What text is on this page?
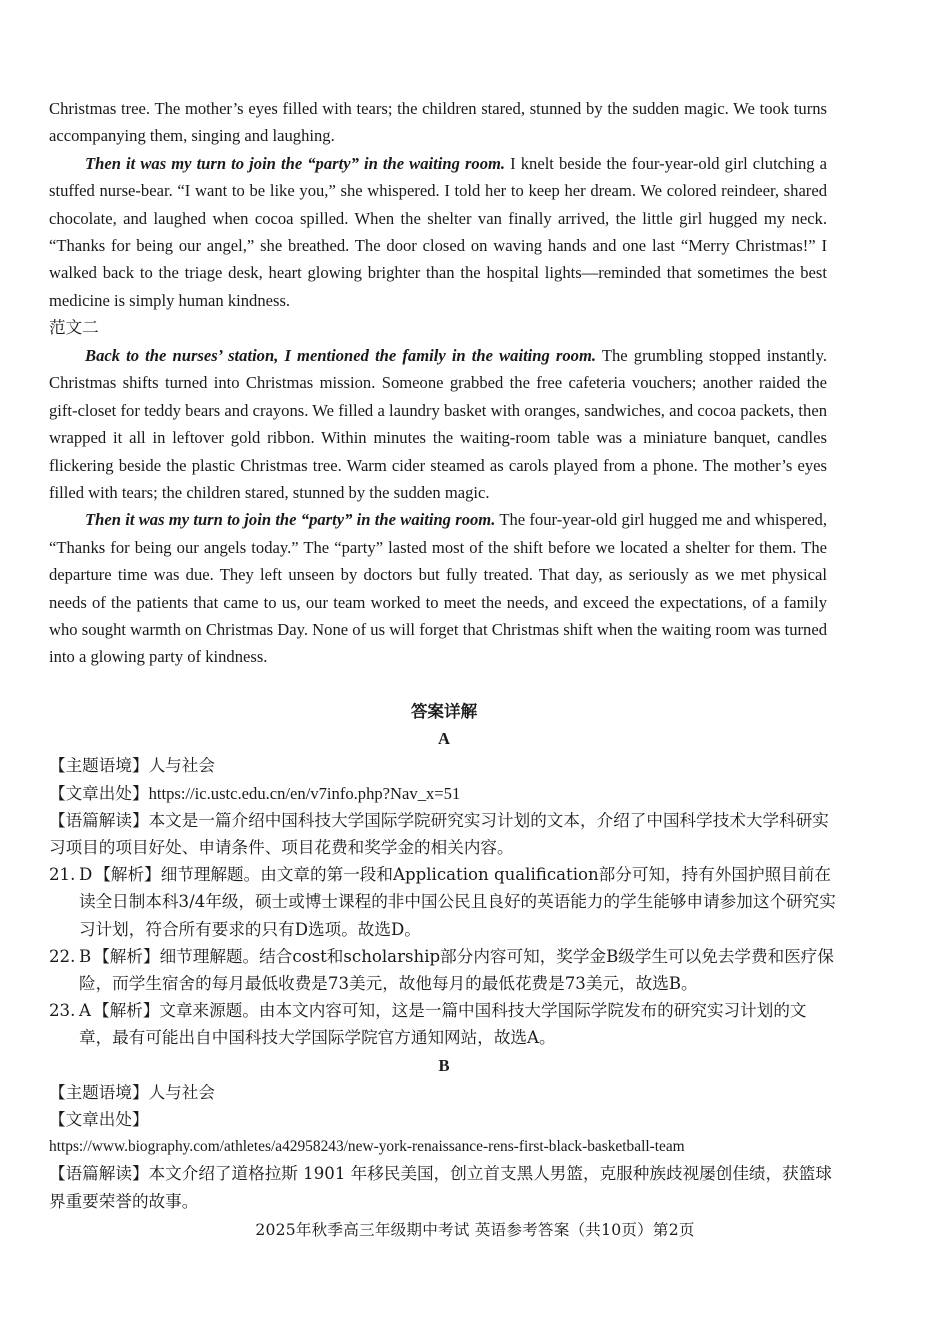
Christmas tree. The mother’s eyes filled with tears; the children stared, stunned by the sudden magic. We took turns accompanying them, singing and laughing.

Then it was my turn to join the “party” in the waiting room. I knelt beside the four-year-old girl clutching a stuffed nurse-bear. “I want to be like you,” she whispered. I told her to keep her dream. We colored reindeer, shared chocolate, and laughed when cocoa spilled. When the shelter van finally arrived, the little girl hugged my neck. “Thanks for being our angel,” she breathed. The door closed on waving hands and one last “Merry Christmas!” I walked back to the triage desk, heart glowing brighter than the hospital lights—reminded that sometimes the best medicine is simply human kindness.

范文二

Back to the nurses’ station, I mentioned the family in the waiting room. The grumbling stopped instantly. Christmas shifts turned into Christmas mission. Someone grabbed the free cafeteria vouchers; another raided the gift-closet for teddy bears and crayons. We filled a laundry basket with oranges, sandwiches, and cocoa packets, then wrapped it all in leftover gold ribbon. Within minutes the waiting-room table was a miniature banquet, candles flickering beside the plastic Christmas tree. Warm cider steamed as carols played from a phone. The mother’s eyes filled with tears; the children stared, stunned by the sudden magic.

Then it was my turn to join the “party” in the waiting room. The four-year-old girl hugged me and whispered, “Thanks for being our angels today.” The “party” lasted most of the shift before we located a shelter for them. The departure time was due. They left unseen by doctors but fully treated. That day, as seriously as we met physical needs of the patients that came to us, our team worked to meet the needs, and exceed the expectations, of a family who sought warmth on Christmas Day. None of us will forget that Christmas shift when the waiting room was turned into a glowing party of kindness.

答案详解

A

【主题语境】人与社会

【文章出处】https://ic.ustc.edu.cn/en/v7info.php?Nav_x=51

【语篇解读】本文是一篇介绍中国科技大学国际学院研究实习计划的文本，介绍了中国科学技术大学科研实习项目的项目好处、申请条件、项目花费和奖学金的相关内容。

21. D 【解析】细节理解题。由文章的第一段和Application qualification部分可知，持有外国护照目前在读全日制本科3/4年级，硕士或博士课程的非中国公民且良好的英语能力的学生能够申请参加这个研究实习计划，符合所有要求的只有D选项。故选D。
22. B 【解析】细节理解题。结合cost和scholarship部分内容可知，奖学金B级学生可以免去学费和医疗保险，而学生宿舍的每月最低收费是73美元，故他每月的最低花费是73美元，故选B。
23. A 【解析】文章来源题。由本文内容可知，这是一篇中国科技大学国际学院发布的研究实习计划的文章，最有可能出自中国科技大学国际学院官方通知网站，故选A。

B

【主题语境】人与社会

【文章出处】

https://www.biography.com/athletes/a42958243/new-york-renaissance-rens-first-black-basketball-team

【语篇解读】本文介绍了道格拉斯 1901 年移民美国，创立首支黑人男篮，克服种族歧视屡创佳绩，获篮球界重要荣誉的故事。

2025年秋季高三年级期中考试 英语参考答案（共10页）第2页
